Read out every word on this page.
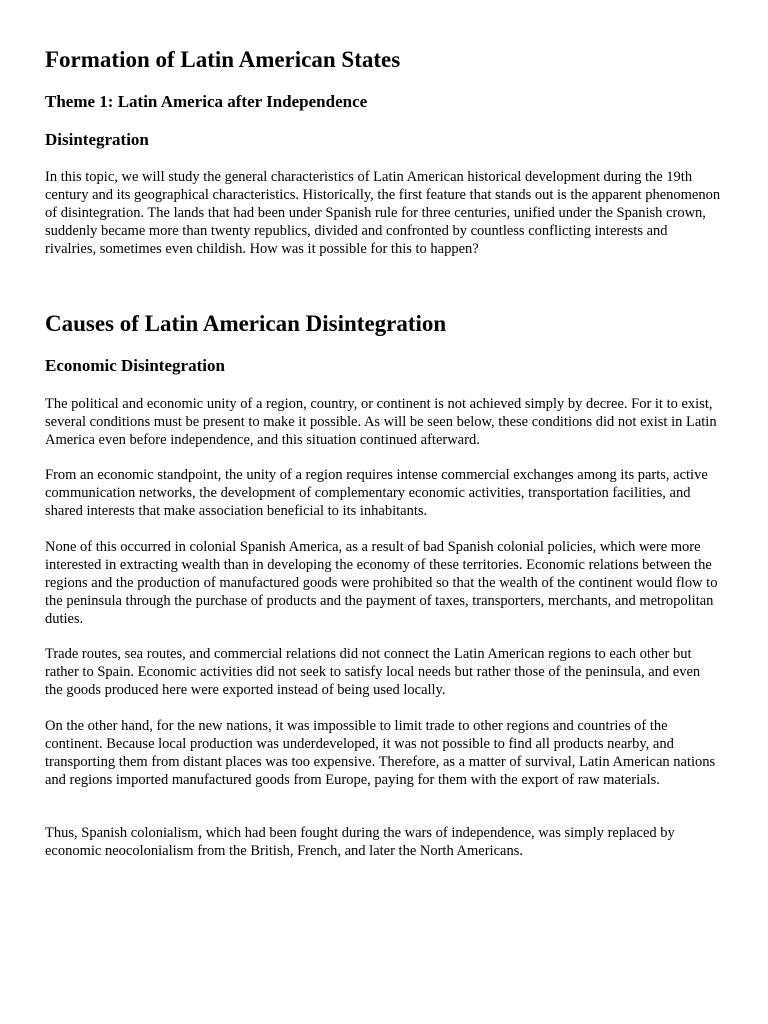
Formation of Latin American States
Theme 1: Latin America after Independence
Disintegration

In this topic, we will study the general characteristics of Latin American historical development during the 19th century and its geographical characteristics. Historically, the first feature that stands out is the apparent phenomenon of disintegration. The lands that had been under Spanish rule for three centuries, unified under the Spanish crown, suddenly became more than twenty republics, divided and confronted by countless conflicting interests and rivalries, sometimes even childish. How was it possible for this to happen?

Causes of Latin American Disintegration
Economic Disintegration

The political and economic unity of a region, country, or continent is not achieved simply by decree. For it to exist, several conditions must be present to make it possible. As will be seen below, these conditions did not exist in Latin America even before independence, and this situation continued afterward.

From an economic standpoint, the unity of a region requires intense commercial exchanges among its parts, active communication networks, the development of complementary economic activities, transportation facilities, and shared interests that make association beneficial to its inhabitants.

None of this occurred in colonial Spanish America, as a result of bad Spanish colonial policies, which were more interested in extracting wealth than in developing the economy of these territories. Economic relations between the regions and the production of manufactured goods were prohibited so that the wealth of the continent would flow to the peninsula through the purchase of products and the payment of taxes, transporters, merchants, and metropolitan duties.

Trade routes, sea routes, and commercial relations did not connect the Latin American regions to each other but rather to Spain. Economic activities did not seek to satisfy local needs but rather those of the peninsula, and even the goods produced here were exported instead of being used locally.

On the other hand, for the new nations, it was impossible to limit trade to other regions and countries of the continent. Because local production was underdeveloped, it was not possible to find all products nearby, and transporting them from distant places was too expensive. Therefore, as a matter of survival, Latin American nations and regions imported manufactured goods from Europe, paying for them with the export of raw materials.

Thus, Spanish colonialism, which had been fought during the wars of independence, was simply replaced by economic neocolonialism from the British, French, and later the North Americans.
